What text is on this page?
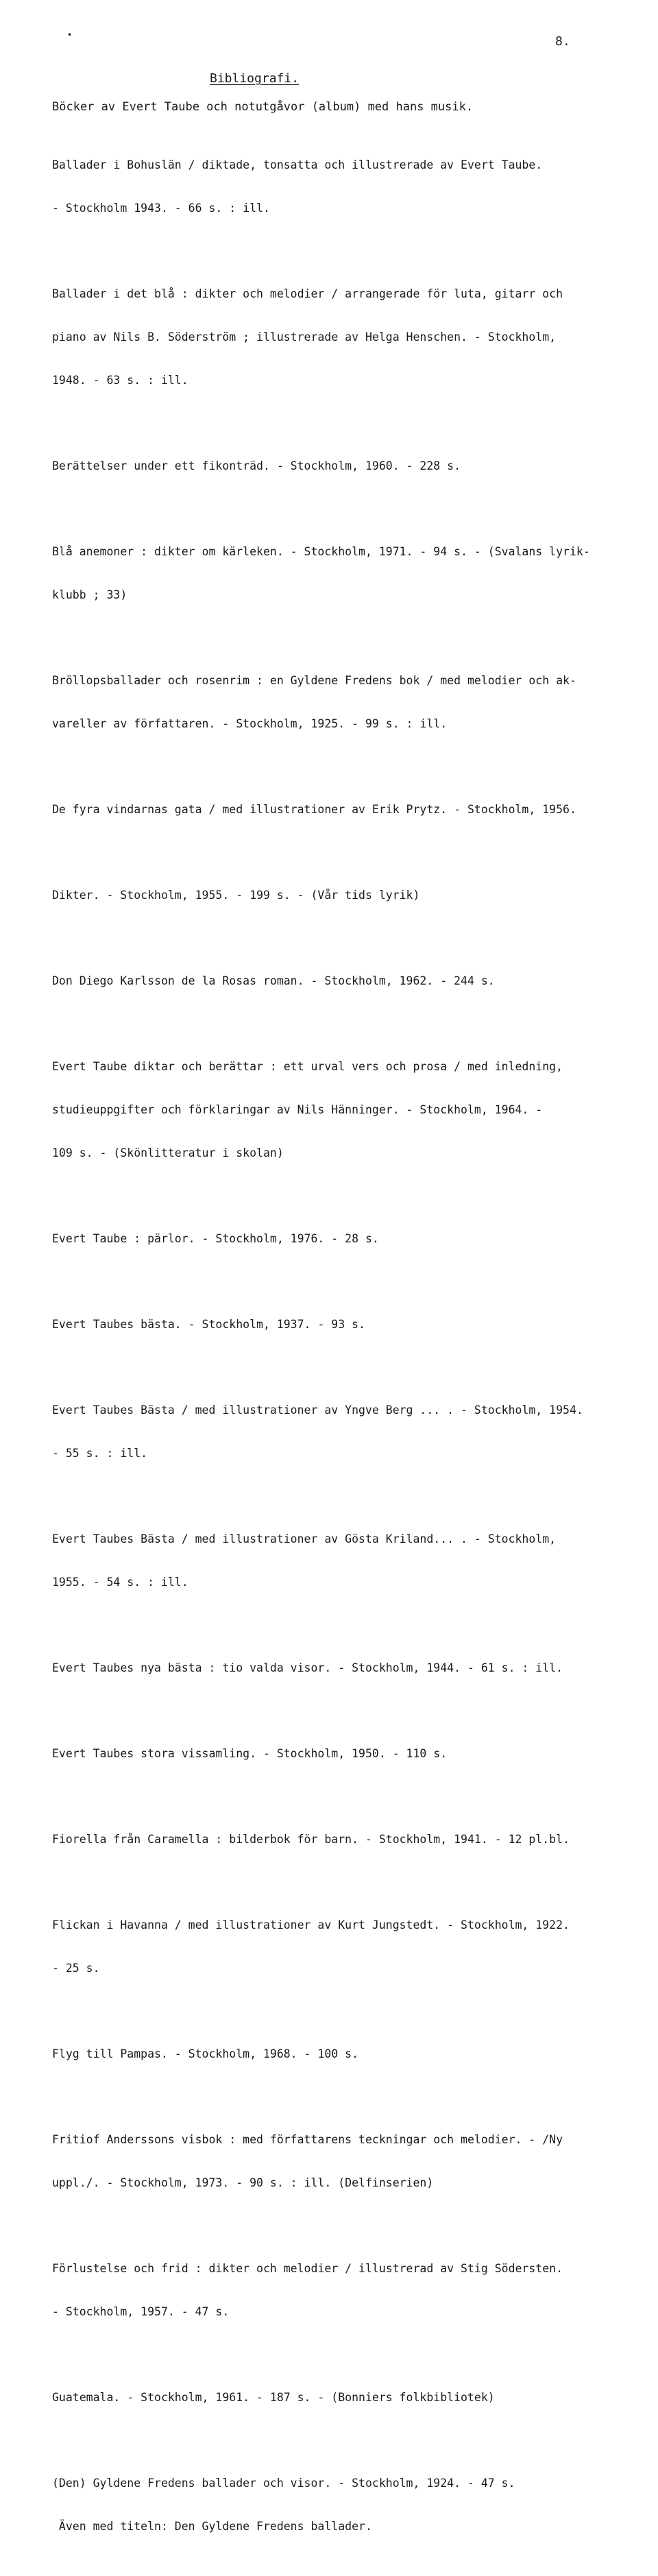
•	8.
Bibliografi.
Böcker av Evert Taube och notutgåvor (album) med hans musik.

Ballader i Bohuslän / diktade, tonsatta och illustrerade av Evert Taube.

- Stockholm 1943. - 66 s. : ill.

Ballader i det blå : dikter och melodier / arrangerade för luta, gitarr och

piano av Nils B. Söderström ; illustrerade av Helga Henschen. - Stockholm,

1948. - 63 s. : ill.

Berättelser under ett fikonträd. - Stockholm, 1960. - 228 s.

Blå anemoner : dikter om kärleken. - Stockholm, 1971. - 94 s. - (Svalans lyrik-

klubb ; 33)

Bröllopsballader och rosenrim : en Gyldene Fredens bok / med melodier och ak-

vareller av författaren. - Stockholm, 1925. - 99 s. : ill.

De fyra vindarnas gata / med illustrationer av Erik Prytz. - Stockholm, 1956.

Dikter. - Stockholm, 1955. - 199 s. - (Vår tids lyrik)

Don Diego Karlsson de la Rosas roman. - Stockholm, 1962. - 244 s.

Evert Taube diktar och berättar : ett urval vers och prosa / med inledning,

studieuppgifter och förklaringar av Nils Hänninger. - Stockholm, 1964. -

109 s. - (Skönlitteratur i skolan)

Evert Taube : pärlor. - Stockholm, 1976. - 28 s.

Evert Taubes bästa. - Stockholm, 1937. - 93 s.

Evert Taubes Bästa / med illustrationer av Yngve Berg ... . - Stockholm, 1954.

- 55 s. : ill.

Evert Taubes Bästa / med illustrationer av Gösta Kriland... . - Stockholm,

1955. - 54 s. : ill.

Evert Taubes nya bästa : tio valda visor. - Stockholm, 1944. - 61 s. : ill.

Evert Taubes stora vissamling. - Stockholm, 1950. - 110 s.

Fiorella från Caramella : bilderbok för barn. - Stockholm, 1941. - 12 pl.bl.

Flickan i Havanna / med illustrationer av Kurt Jungstedt. - Stockholm, 1922.

- 25 s.

Flyg till Pampas. - Stockholm, 1968. - 100 s.

Fritiof Anderssons visbok : med författarens teckningar och melodier. - /Ny

uppl./. - Stockholm, 1973. - 90 s. : ill. (Delfinserien)

Förlustelse och frid : dikter och melodier / illustrerad av Stig Södersten.

- Stockholm, 1957. - 47 s.

Guatemala. - Stockholm, 1961. - 187 s. - (Bonniers folkbibliotek)

(Den) Gyldene Fredens ballader och visor. - Stockholm, 1924. - 47 s.

Även med titeln: Den Gyldene Fredens ballader.
